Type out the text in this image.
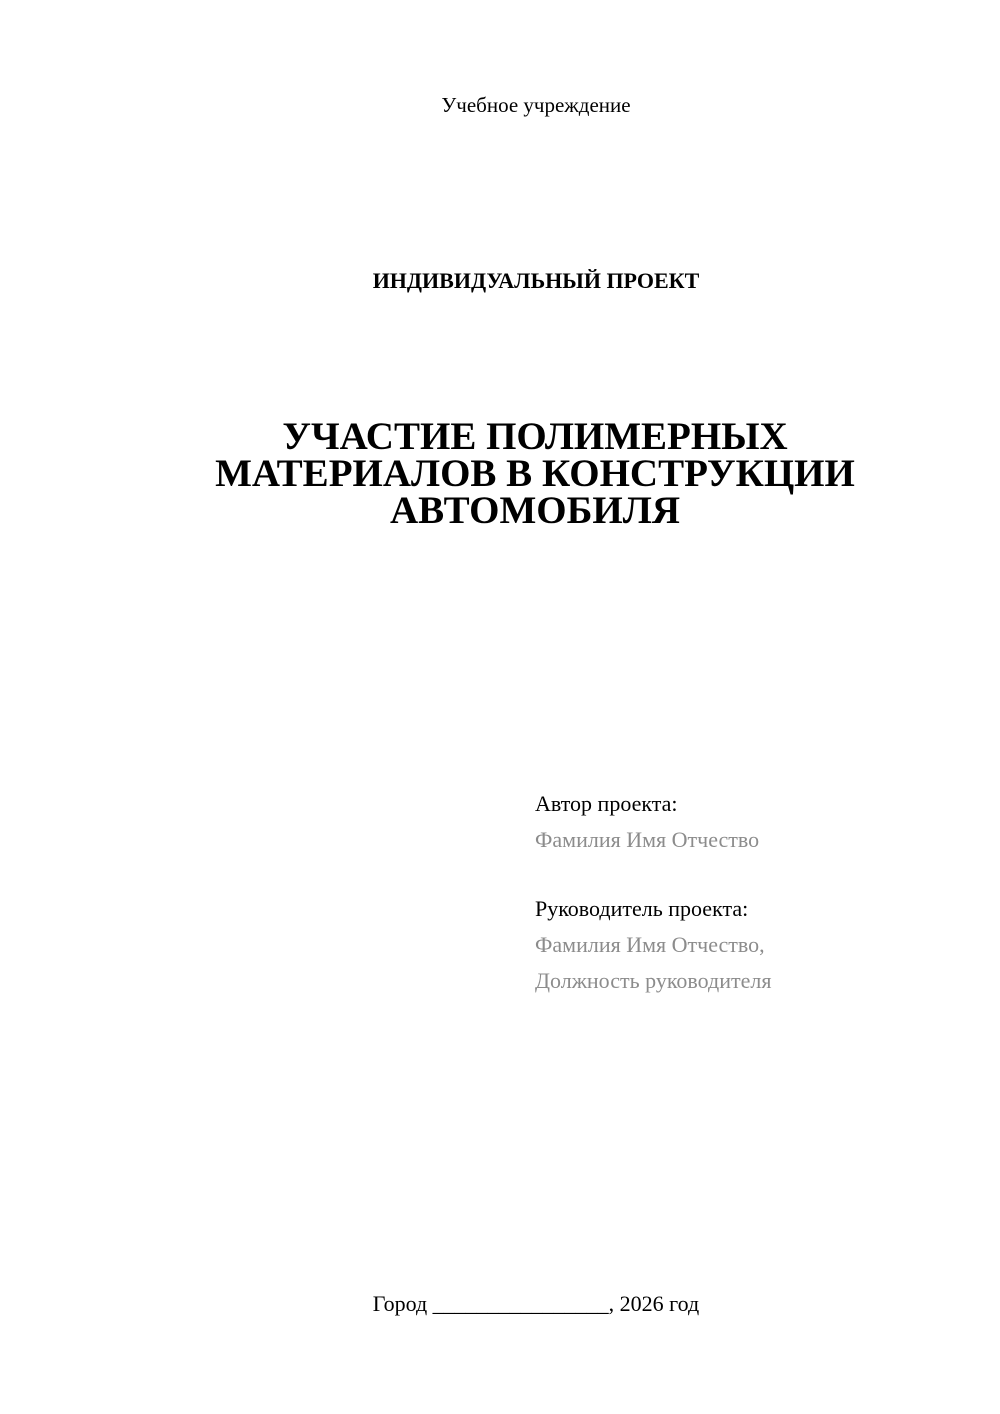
Учебное учреждение
ИНДИВИДУАЛЬНЫЙ ПРОЕКТ
УЧАСТИЕ ПОЛИМЕРНЫХ
МАТЕРИАЛОВ В КОНСТРУКЦИИ
АВТОМОБИЛЯ
Автор проекта:
Фамилия Имя Отчество
Руководитель проекта:
Фамилия Имя Отчество,
Должность руководителя
Город ________________, 2026 год
